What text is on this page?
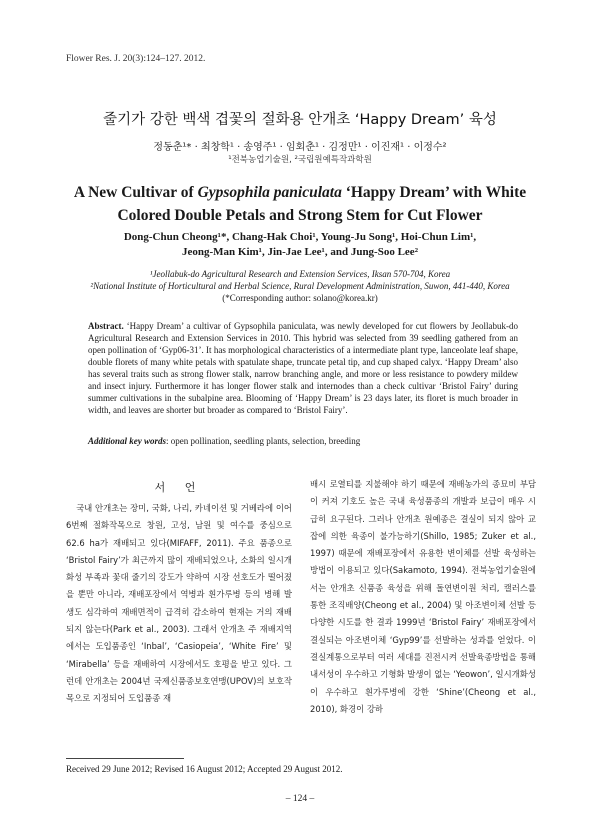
Flower Res. J. 20(3):124–127. 2012.
줄기가 강한 백색 겹꽃의 절화용 안개초 ‘Happy Dream’ 육성
정동춘¹* · 최창학¹ · 송영주¹ · 임회춘¹ · 김정만¹ · 이진재¹ · 이정수²
¹전북농업기술원, ²국립원예특작과학원
A New Cultivar of Gypsophila paniculata ‘Happy Dream’ with White
Colored Double Petals and Strong Stem for Cut Flower
Dong-Chun Cheong¹*, Chang-Hak Choi¹, Young-Ju Song¹, Hoi-Chun Lim¹,
Jeong-Man Kim¹, Jin-Jae Lee¹, and Jung-Soo Lee²
¹Jeollabuk-do Agricultural Research and Extension Services, Iksan 570-704, Korea
²National Institute of Horticultural and Herbal Science, Rural Development Administration, Suwon, 441-440, Korea
(*Corresponding author: solano@korea.kr)
Abstract. ‘Happy Dream’ a cultivar of Gypsophila paniculata, was newly developed for cut flowers by Jeollabuk-do Agricultural Research and Extension Services in 2010. This hybrid was selected from 39 seedling gathered from an open pollination of ‘Gyp06-31’. It has morphological characteristics of a intermediate plant type, lanceolate leaf shape, double florets of many white petals with spatulate shape, truncate petal tip, and cup shaped calyx. ‘Happy Dream’ also has several traits such as strong flower stalk, narrow branching angle, and more or less resistance to powdery mildew and insect injury. Furthermore it has longer flower stalk and internodes than a check cultivar ‘Bristol Fairy’ during summer cultivations in the subalpine area. Blooming of ‘Happy Dream’ is 23 days later, its floret is much broader in width, and leaves are shorter but broader as compared to ‘Bristol Fairy’.
Additional key words: open pollination, seedling plants, selection, breeding
서 언

국내 안개초는 장미, 국화, 나리, 카네이션 및 거베라에 이어 6번째 절화작목으로 창원, 고성, 남원 및 여수를 중심으로 62.6 ha가 재배되고 있다(MIFAFF, 2011). 주요 품종으로 ‘Bristol Fairy’가 최근까지 많이 재배되었으나, 소화의 일시개화성 부족과 꽃대 줄기의 강도가 약하여 시장 선호도가 떨어졌을 뿐만 아니라, 재배포장에서 역병과 흰가루병 등의 병해 발생도 심각하여 재배면적이 급격히 감소하여 현재는 거의 재배되지 않는다(Park et al., 2003). 그래서 안개초 주 재배지역에서는 도입품종인 ‘Inbal’, ‘Casiopeia’, ‘White Fire’ 및 ‘Mirabella’ 등을 재배하여 시장에서도 호평을 받고 있다. 그런데 안개초는 2004년 국제신품종보호연맹(UPOV)의 보호작목으로 지정되어 도입품종 재

배시 로열티를 지불해야 하기 때문에 재배농가의 종묘비 부담이 커져 기호도 높은 국내 육성품종의 개발과 보급이 매우 시급히 요구된다. 그러나 안개초 원예종은 결실이 되지 않아 교잡에 의한 육종이 불가능하기(Shillo, 1985; Zuker et al., 1997) 때문에 재배포장에서 유용한 변이체를 선발 육성하는 방법이 이용되고 있다(Sakamoto, 1994). 전북농업기술원에서는 안개초 신품종 육성을 위해 돌연변이원 처리, 캘러스를 통한 조직배양(Cheong et al., 2004) 및 아조변이체 선발 등 다양한 시도를 한 결과 1999년 ‘Bristol Fairy’ 재배포장에서 결실되는 아조변이체 ‘Gyp99’를 선발하는 성과를 얻었다. 이 결실계통으로부터 여러 세대를 진전시켜 선발육종방법을 통해 내서성이 우수하고 기형화 발생이 없는 ‘Yeowon’, 일시개화성이 우수하고 흰가루병에 강한 ‘Shine’(Cheong et al., 2010), 화경이 강하

Received 29 June 2012; Revised 16 August 2012; Accepted 29 August 2012.
– 124 –
